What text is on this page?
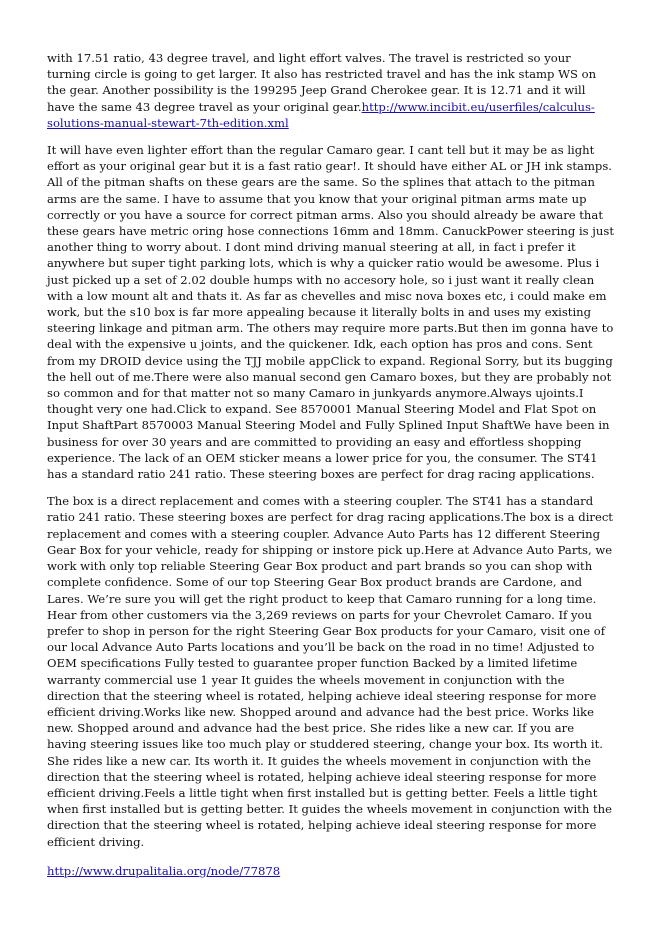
with 17.51 ratio, 43 degree travel, and light effort valves. The travel is restricted so your turning circle is going to get larger. It also has restricted travel and has the ink stamp WS on the gear. Another possibility is the 199295 Jeep Grand Cherokee gear. It is 12.71 and it will have the same 43 degree travel as your original gear.http://www.incibit.eu/userfiles/calculus-solutions-manual-stewart-7th-edition.xml

It will have even lighter effort than the regular Camaro gear. I cant tell but it may be as light effort as your original gear but it is a fast ratio gear!. It should have either AL or JH ink stamps. All of the pitman shafts on these gears are the same. So the splines that attach to the pitman arms are the same. I have to assume that you know that your original pitman arms mate up correctly or you have a source for correct pitman arms. Also you should already be aware that these gears have metric oring hose connections 16mm and 18mm. CanuckPower steering is just another thing to worry about. I dont mind driving manual steering at all, in fact i prefer it anywhere but super tight parking lots, which is why a quicker ratio would be awesome. Plus i just picked up a set of 2.02 double humps with no accesory hole, so i just want it really clean with a low mount alt and thats it. As far as chevelles and misc nova boxes etc, i could make em work, but the s10 box is far more appealing because it literally bolts in and uses my existing steering linkage and pitman arm. The others may require more parts.But then im gonna have to deal with the expensive u joints, and the quickener. Idk, each option has pros and cons. Sent from my DROID device using the TJJ mobile appClick to expand. Regional Sorry, but its bugging the hell out of me.There were also manual second gen Camaro boxes, but they are probably not so common and for that matter not so many Camaro in junkyards anymore.Always ujoints.I thought very one had.Click to expand. See 8570001 Manual Steering Model and Flat Spot on Input ShaftPart 8570003 Manual Steering Model and Fully Splined Input ShaftWe have been in business for over 30 years and are committed to providing an easy and effortless shopping experience. The lack of an OEM sticker means a lower price for you, the consumer. The ST41 has a standard ratio 241 ratio. These steering boxes are perfect for drag racing applications.

The box is a direct replacement and comes with a steering coupler. The ST41 has a standard ratio 241 ratio. These steering boxes are perfect for drag racing applications.The box is a direct replacement and comes with a steering coupler. Advance Auto Parts has 12 different Steering Gear Box for your vehicle, ready for shipping or instore pick up.Here at Advance Auto Parts, we work with only top reliable Steering Gear Box product and part brands so you can shop with complete confidence. Some of our top Steering Gear Box product brands are Cardone, and Lares. We’re sure you will get the right product to keep that Camaro running for a long time. Hear from other customers via the 3,269 reviews on parts for your Chevrolet Camaro. If you prefer to shop in person for the right Steering Gear Box products for your Camaro, visit one of our local Advance Auto Parts locations and you’ll be back on the road in no time! Adjusted to OEM specifications Fully tested to guarantee proper function Backed by a limited lifetime warranty commercial use 1 year It guides the wheels movement in conjunction with the direction that the steering wheel is rotated, helping achieve ideal steering response for more efficient driving.Works like new. Shopped around and advance had the best price. Works like new. Shopped around and advance had the best price. She rides like a new car. If you are having steering issues like too much play or studdered steering, change your box. Its worth it. She rides like a new car. Its worth it. It guides the wheels movement in conjunction with the direction that the steering wheel is rotated, helping achieve ideal steering response for more efficient driving.Feels a little tight when first installed but is getting better. Feels a little tight when first installed but is getting better. It guides the wheels movement in conjunction with the direction that the steering wheel is rotated, helping achieve ideal steering response for more efficient driving.

http://www.drupalitalia.org/node/77878
